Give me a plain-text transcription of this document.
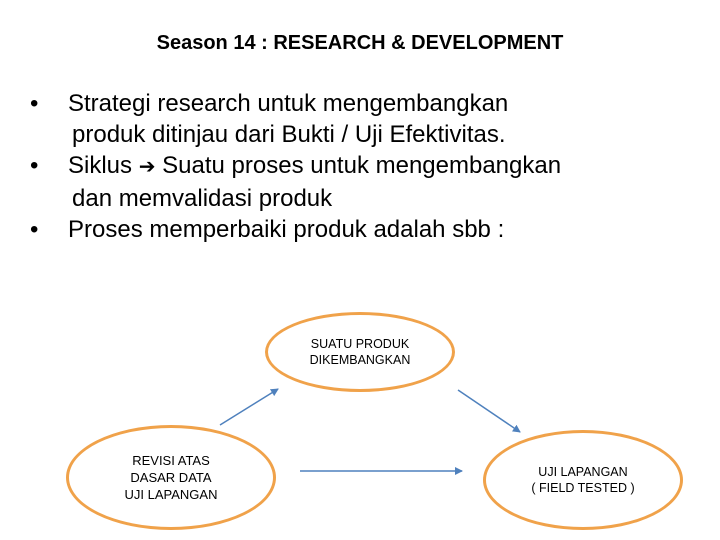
Season 14 : RESEARCH & DEVELOPMENT
•	Strategi research untuk mengembangkan
produk ditinjau dari Bukti / Uji Efektivitas.
•	Siklus ➔ Suatu proses untuk mengembangkan
dan memvalidasi produk
•	Proses memperbaiki produk adalah sbb :
SUATU PRODUK
DIKEMBANGKAN
REVISI ATAS
DASAR DATA
UJI LAPANGAN
UJI LAPANGAN
( FIELD TESTED )
